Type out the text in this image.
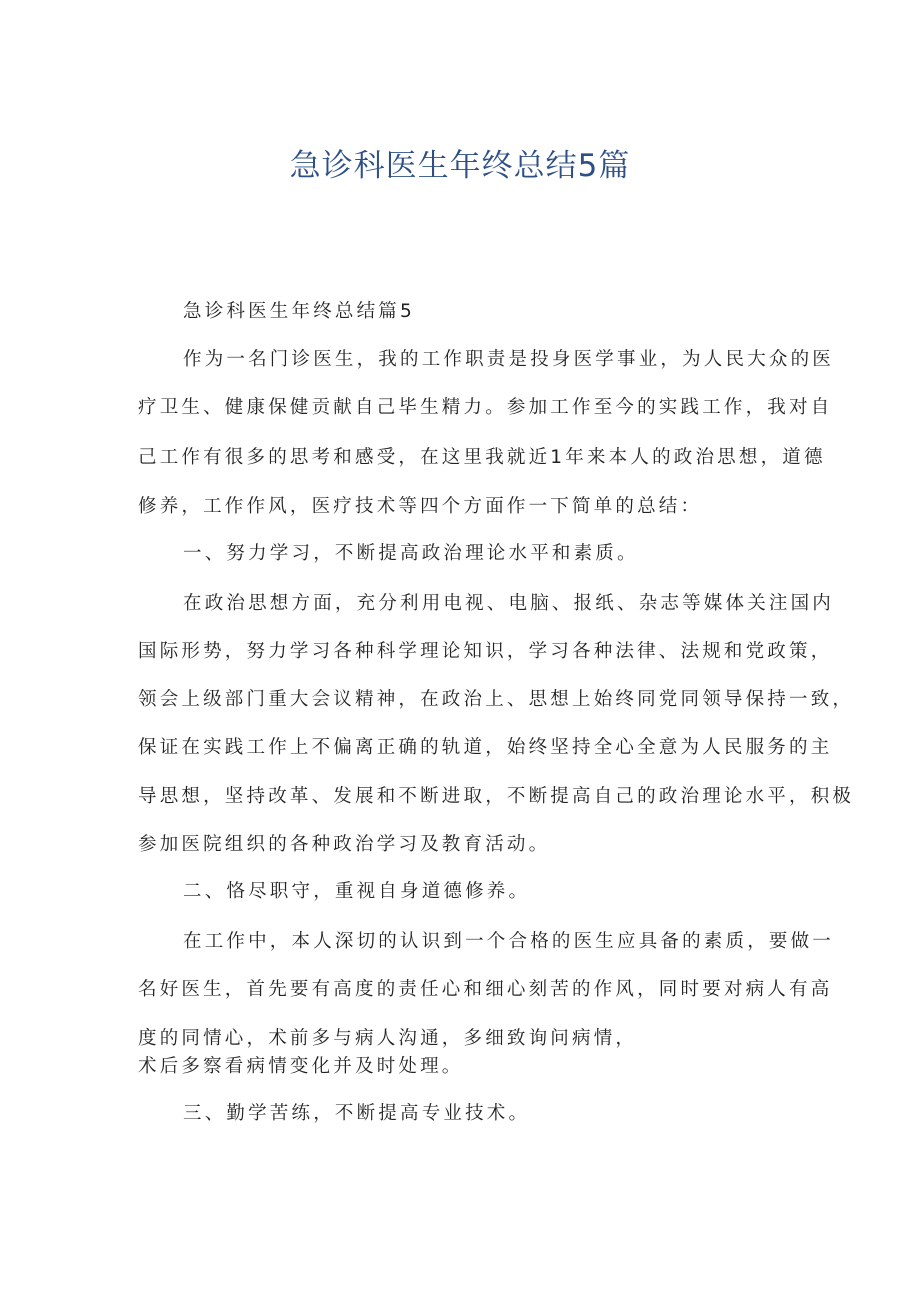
急诊科医生年终总结5篇
急诊科医生年终总结篇5
作为一名门诊医生，我的工作职责是投身医学事业，为人民大众的医
疗卫生、健康保健贡献自己毕生精力。参加工作至今的实践工作，我对自
己工作有很多的思考和感受，在这里我就近1年来本人的政治思想，道德
修养，工作作风，医疗技术等四个方面作一下简单的总结：
一、努力学习，不断提高政治理论水平和素质。
在政治思想方面，充分利用电视、电脑、报纸、杂志等媒体关注国内
国际形势，努力学习各种科学理论知识，学习各种法律、法规和党政策，
领会上级部门重大会议精神，在政治上、思想上始终同党同领导保持一致，
保证在实践工作上不偏离正确的轨道，始终坚持全心全意为人民服务的主
导思想，坚持改革、发展和不断进取，不断提高自己的政治理论水平，积极
参加医院组织的各种政治学习及教育活动。
二、恪尽职守，重视自身道德修养。
在工作中，本人深切的认识到一个合格的医生应具备的素质，要做一
名好医生，首先要有高度的责任心和细心刻苦的作风，同时要对病人有高
度的同情心，术前多与病人沟通，多细致询问病情，
术后多察看病情变化并及时处理。
三、勤学苦练，不断提高专业技术。
